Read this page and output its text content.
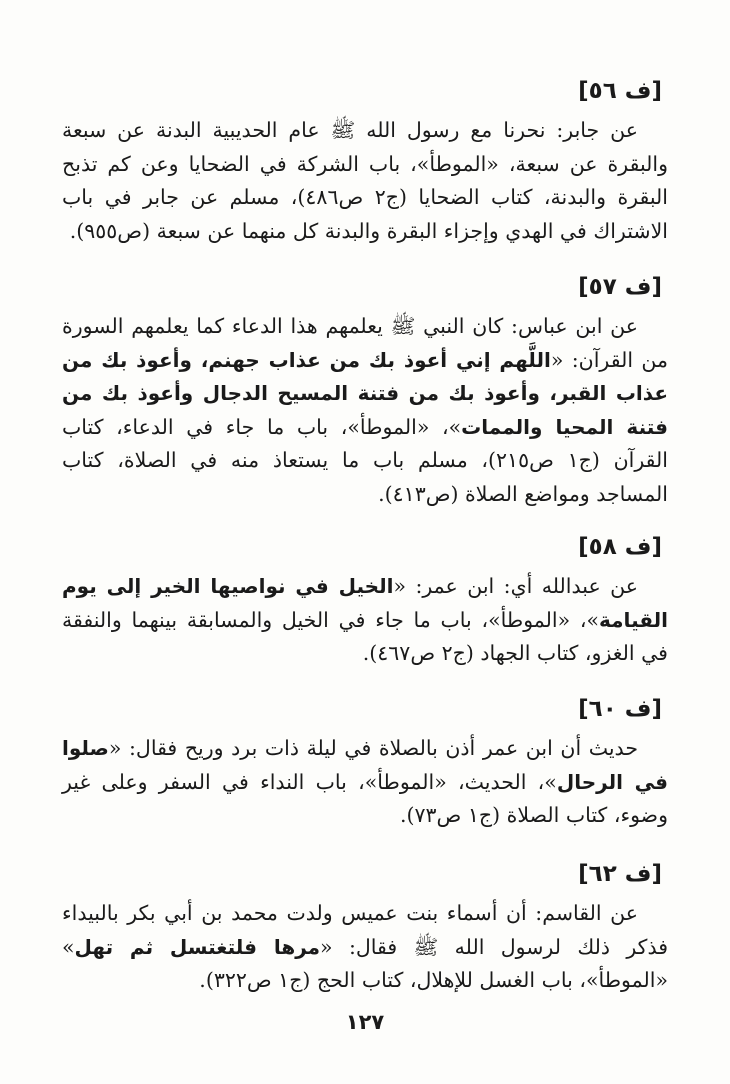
[ف ٥٦]

عن جابر: نحرنا مع رسول الله ﷺ عام الحديبية البدنة عن سبعة والبقرة عن سبعة، «الموطأ»، باب الشركة في الضحايا وعن كم تذبح البقرة والبدنة، كتاب الضحايا (ج٢ ص٤٨٦)، مسلم عن جابر في باب الاشتراك في الهدي وإجزاء البقرة والبدنة كل منهما عن سبعة (ص٩٥٥).

[ف ٥٧]

عن ابن عباس: كان النبي ﷺ يعلمهم هذا الدعاء كما يعلمهم السورة من القرآن: «اللَّهم إني أعوذ بك من عذاب جهنم، وأعوذ بك من عذاب القبر، وأعوذ بك من فتنة المسيح الدجال وأعوذ بك من فتنة المحيا والممات»، «الموطأ»، باب ما جاء في الدعاء، كتاب القرآن (ج١ ص٢١٥)، مسلم باب ما يستعاذ منه في الصلاة، كتاب المساجد ومواضع الصلاة (ص٤١٣).

[ف ٥٨]

عن عبدالله أي: ابن عمر: «الخيل في نواصيها الخير إلى يوم القيامة»، «الموطأ»، باب ما جاء في الخيل والمسابقة بينهما والنفقة في الغزو، كتاب الجهاد (ج٢ ص٤٦٧).

[ف ٦٠]

حديث أن ابن عمر أذن بالصلاة في ليلة ذات برد وريح فقال: «صلوا في الرحال»، الحديث، «الموطأ»، باب النداء في السفر وعلى غير وضوء، كتاب الصلاة (ج١ ص٧٣).

[ف ٦٢]

عن القاسم: أن أسماء بنت عميس ولدت محمد بن أبي بكر بالبيداء فذكر ذلك لرسول الله ﷺ فقال: «مرها فلتغتسل ثم تهل» «الموطأ»، باب الغسل للإهلال، كتاب الحج (ج١ ص٣٢٢).

١٢٧
